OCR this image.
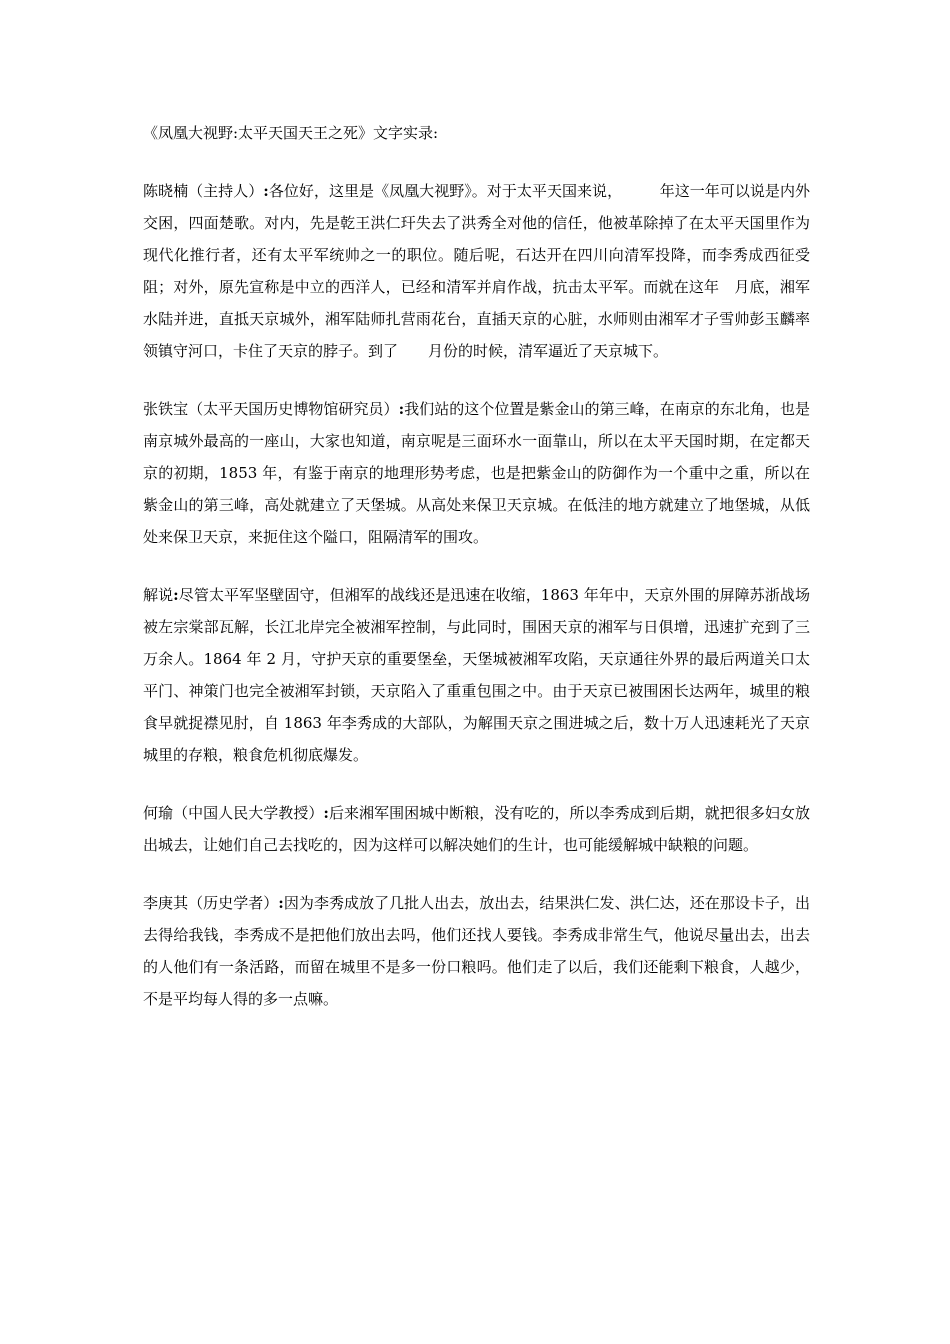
《凤凰大视野:太平天国天王之死》文字实录:

陈晓楠（主持人）:各位好，这里是《凤凰大视野》。对于太平天国来说，　　　年这一年可以说是内外交困，四面楚歌。对内，先是乾王洪仁玕失去了洪秀全对他的信任，他被革除掉了在太平天国里作为现代化推行者，还有太平军统帅之一的职位。随后呢，石达开在四川向清军投降，而李秀成西征受阻；对外，原先宣称是中立的西洋人，已经和清军并肩作战，抗击太平军。而就在这年　月底，湘军水陆并进，直抵天京城外，湘军陆师扎营雨花台，直插天京的心脏，水师则由湘军才子雪帅彭玉麟率领镇守河口，卡住了天京的脖子。到了　　月份的时候，清军逼近了天京城下。

张铁宝（太平天国历史博物馆研究员）:我们站的这个位置是紫金山的第三峰，在南京的东北角，也是南京城外最高的一座山，大家也知道，南京呢是三面环水一面靠山，所以在太平天国时期，在定都天京的初期，1853 年，有鉴于南京的地理形势考虑，也是把紫金山的防御作为一个重中之重，所以在紫金山的第三峰，高处就建立了天堡城。从高处来保卫天京城。在低洼的地方就建立了地堡城，从低处来保卫天京，来扼住这个隘口，阻隔清军的围攻。

解说:尽管太平军坚壁固守，但湘军的战线还是迅速在收缩，1863 年年中，天京外围的屏障苏浙战场被左宗棠部瓦解，长江北岸完全被湘军控制，与此同时，围困天京的湘军与日俱增，迅速扩充到了三万余人。1864 年 2 月，守护天京的重要堡垒，天堡城被湘军攻陷，天京通往外界的最后两道关口太平门、神策门也完全被湘军封锁，天京陷入了重重包围之中。由于天京已被围困长达两年，城里的粮食早就捉襟见肘，自 1863 年李秀成的大部队，为解围天京之围进城之后，数十万人迅速耗光了天京城里的存粮，粮食危机彻底爆发。

何瑜（中国人民大学教授）:后来湘军围困城中断粮，没有吃的，所以李秀成到后期，就把很多妇女放出城去，让她们自己去找吃的，因为这样可以解决她们的生计，也可能缓解城中缺粮的问题。

李庚其（历史学者）:因为李秀成放了几批人出去，放出去，结果洪仁发、洪仁达，还在那设卡子，出去得给我钱，李秀成不是把他们放出去吗，他们还找人要钱。李秀成非常生气，他说尽量出去，出去的人他们有一条活路，而留在城里不是多一份口粮吗。他们走了以后，我们还能剩下粮食，人越少，不是平均每人得的多一点嘛。
